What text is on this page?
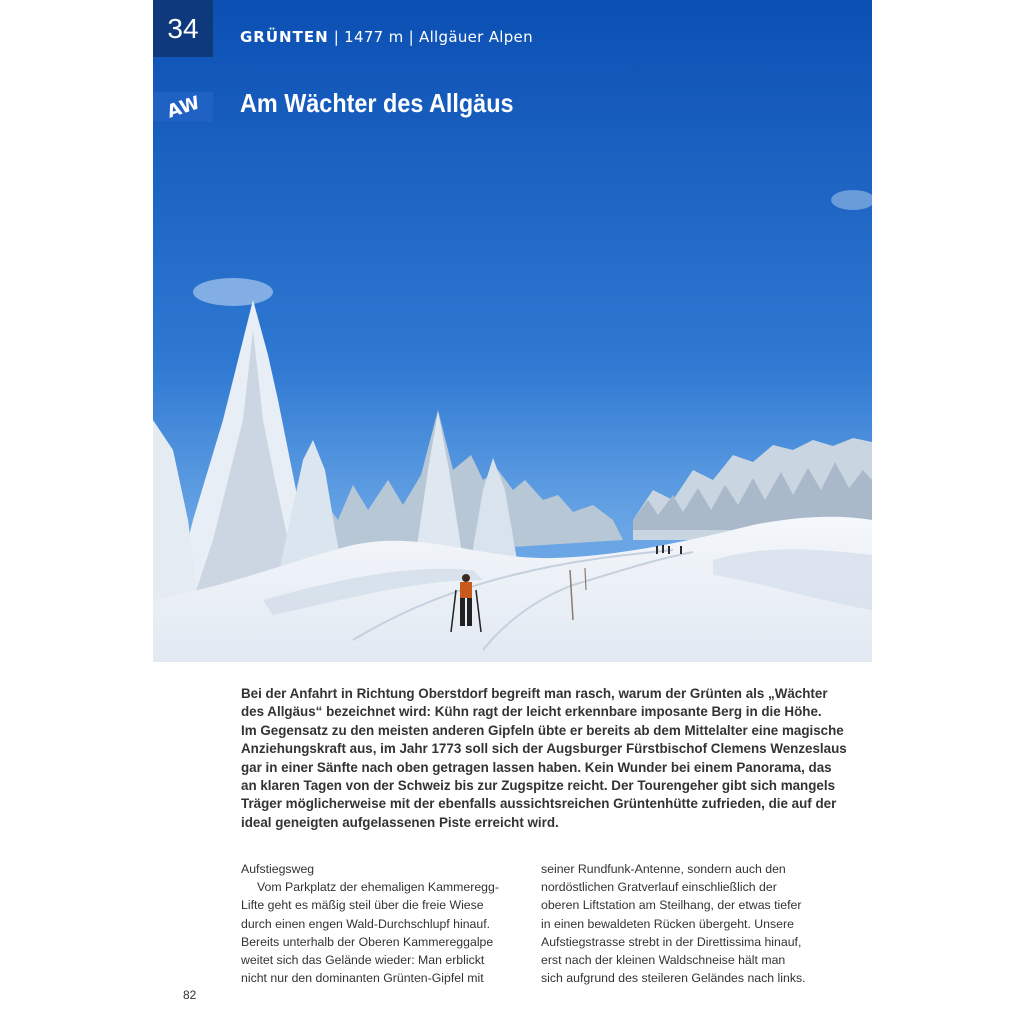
34	GRÜNTEN | 1477 m | Allgäuer Alpen
AW Am Wächter des Allgäus
Bei der Anfahrt in Richtung Oberstdorf begreift man rasch, warum der Grünten als „Wächter
des Allgäus“ bezeichnet wird: Kühn ragt der leicht erkennbare imposante Berg in die Höhe.
Im Gegensatz zu den meisten anderen Gipfeln übte er bereits ab dem Mittelalter eine magische
Anziehungskraft aus, im Jahr 1773 soll sich der Augsburger Fürstbischof Clemens Wenzeslaus
gar in einer Sänfte nach oben getragen lassen haben. Kein Wunder bei einem Panorama, das
an klaren Tagen von der Schweiz bis zur Zugspitze reicht. Der Tourengeher gibt sich mangels
Träger möglicherweise mit der ebenfalls aussichtsreichen Grüntenhütte zufrieden, die auf der
ideal geneigten aufgelassenen Piste erreicht wird.
Aufstiegsweg
Vom Parkplatz der ehemaligen Kammeregg-
Lifte geht es mäßig steil über die freie Wiese
durch einen engen Wald-Durchschlupf hinauf.
Bereits unterhalb der Oberen Kammereggalpe
weitet sich das Gelände wieder: Man erblickt
nicht nur den dominanten Grünten-Gipfel mit
seiner Rundfunk-Antenne, sondern auch den
nordöstlichen Gratverlauf einschließlich der
oberen Liftstation am Steilhang, der etwas tiefer
in einen bewaldeten Rücken übergeht. Unsere
Aufstiegstrasse strebt in der Direttissima hinauf,
erst nach der kleinen Waldschneise hält man
sich aufgrund des steileren Geländes nach links.
82
